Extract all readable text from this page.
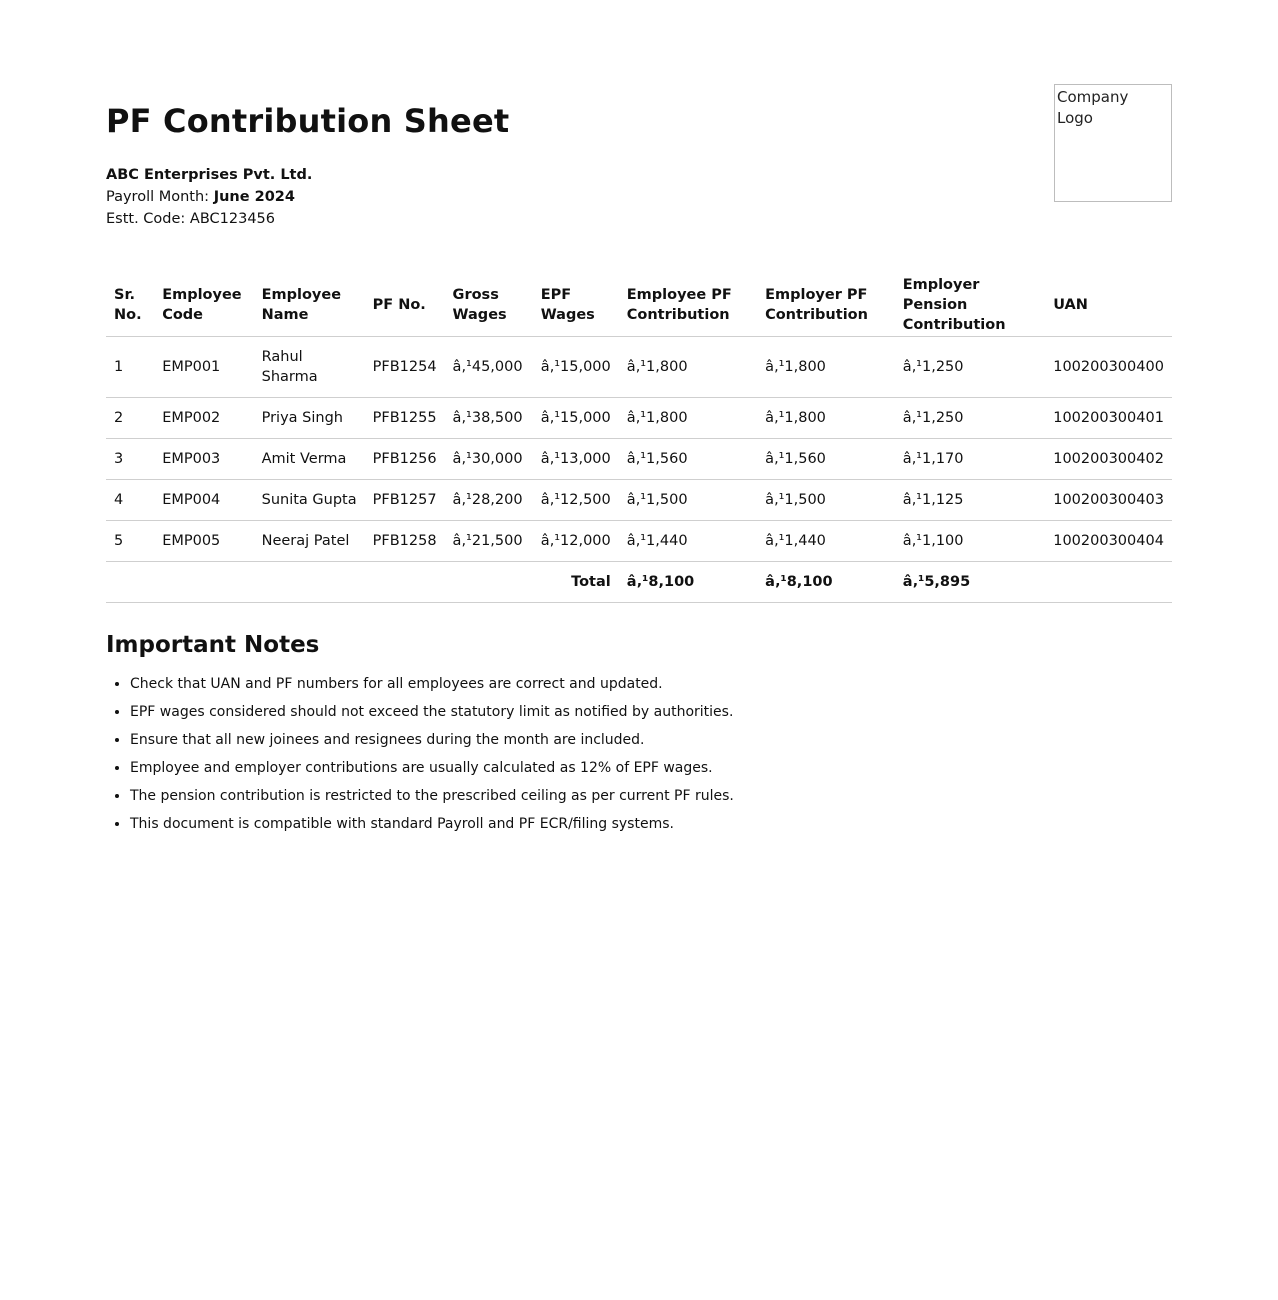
PF Contribution Sheet
ABC Enterprises Pvt. Ltd.
Payroll Month: June 2024
Estt. Code: ABC123456
Company Logo
Sr. No.	Employee Code	Employee Name	PF No.	Gross Wages	EPF Wages	Employee PF Contribution	Employer PF Contribution	Employer Pension Contribution	UAN
1	EMP001	Rahul Sharma	PFB1254	â‚¹45,000	â‚¹15,000	â‚¹1,800	â‚¹1,800	â‚¹1,250	100200300400
2	EMP002	Priya Singh	PFB1255	â‚¹38,500	â‚¹15,000	â‚¹1,800	â‚¹1,800	â‚¹1,250	100200300401
3	EMP003	Amit Verma	PFB1256	â‚¹30,000	â‚¹13,000	â‚¹1,560	â‚¹1,560	â‚¹1,170	100200300402
4	EMP004	Sunita Gupta	PFB1257	â‚¹28,200	â‚¹12,500	â‚¹1,500	â‚¹1,500	â‚¹1,125	100200300403
5	EMP005	Neeraj Patel	PFB1258	â‚¹21,500	â‚¹12,000	â‚¹1,440	â‚¹1,440	â‚¹1,100	100200300404
Total						â‚¹8,100	â‚¹8,100	â‚¹5,895	
Important Notes
• Check that UAN and PF numbers for all employees are correct and updated.
• EPF wages considered should not exceed the statutory limit as notified by authorities.
• Ensure that all new joinees and resignees during the month are included.
• Employee and employer contributions are usually calculated as 12% of EPF wages.
• The pension contribution is restricted to the prescribed ceiling as per current PF rules.
• This document is compatible with standard Payroll and PF ECR/filing systems.
